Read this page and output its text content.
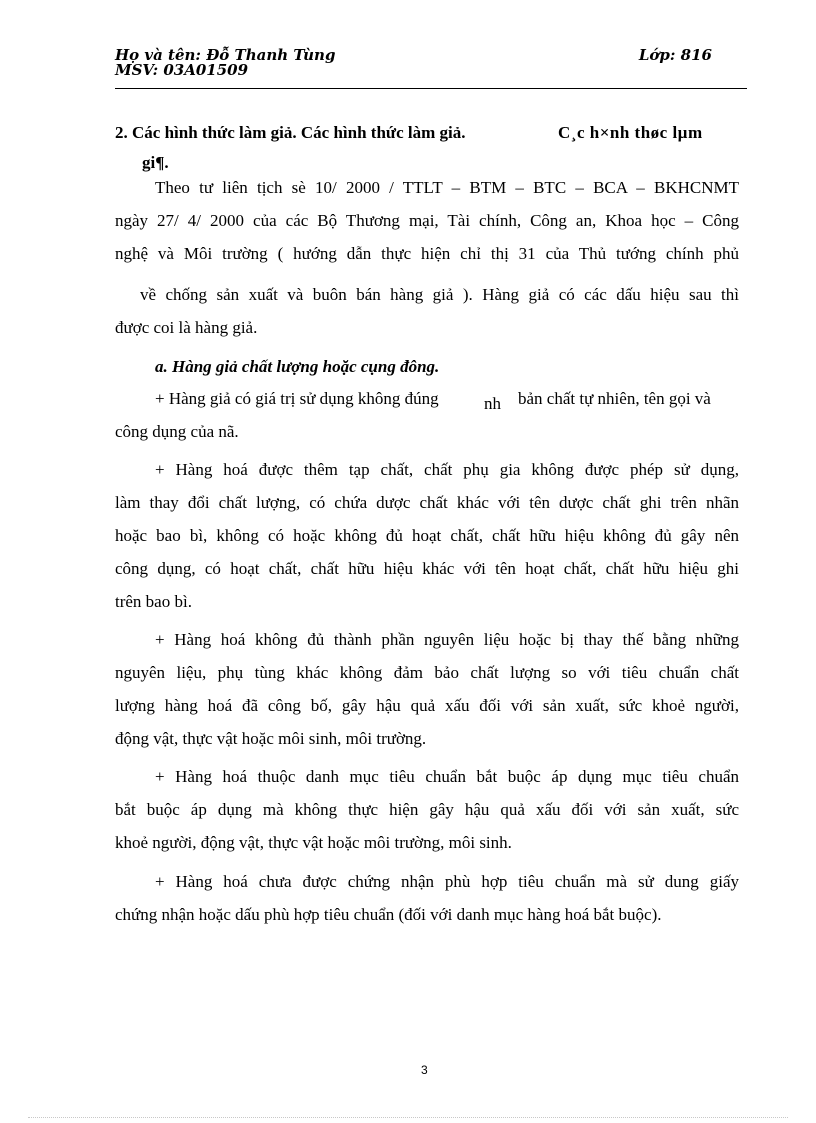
Họ và tên: Đỗ Thanh Tùng
MSV: 03A01509
Lớp: 816
2. Các hình thức làm giả. Các hình thức làm giả.	C¸c h×nh thøc lµm
gi¶.
Theo tư liên tịch sè 10/ 2000 / TTLT – BTM – BTC – BCA – BKHCNMT
ngày 27/ 4/ 2000 của các Bộ Thương mại, Tài chính, Công an, Khoa học – Công
nghệ và Môi trường ( hướng dẫn thực hiện chỉ thị 31 của Thủ tướng chính phủ
về chống sản xuất và buôn bán hàng giả ). Hàng giả có các dấu hiệu sau thì
được coi là hàng giả.
a. Hàng giả chất lượng hoặc cụng đông.
+ Hàng giả có giá trị sử dụng không đúng	nh bản chất tự nhiên, tên gọi và
công dụng của nã.
+ Hàng hoá được thêm tạp chất, chất phụ gia không được phép sử dụng,
làm thay đổi chất lượng, có chứa dược chất khác với tên dược chất ghi trên nhãn
hoặc bao bì, không có hoặc không đủ hoạt chất, chất hữu hiệu không đủ gây nên
công dụng, có hoạt chất, chất hữu hiệu khác với tên hoạt chất, chất hữu hiệu ghi
trên bao bì.
+ Hàng hoá không đủ thành phần nguyên liệu hoặc bị thay thế bằng những
nguyên liệu, phụ tùng khác không đảm bảo chất lượng so với tiêu chuẩn chất
lượng hàng hoá đã công bố, gây hậu quả xấu đối với sản xuất, sức khoẻ người,
động vật, thực vật hoặc môi sinh, môi trường.
+ Hàng hoá thuộc danh mục tiêu chuẩn bắt buộc áp dụng mục tiêu chuẩn
bắt buộc áp dụng mà không thực hiện gây hậu quả xấu đối với sản xuất, sức
khoẻ người, động vật, thực vật hoặc môi trường, môi sinh.
+ Hàng hoá chưa được chứng nhận phù hợp tiêu chuẩn mà sử dung giấy
chứng nhận hoặc dấu phù hợp tiêu chuẩn (đối với danh mục hàng hoá bắt buộc).
3
